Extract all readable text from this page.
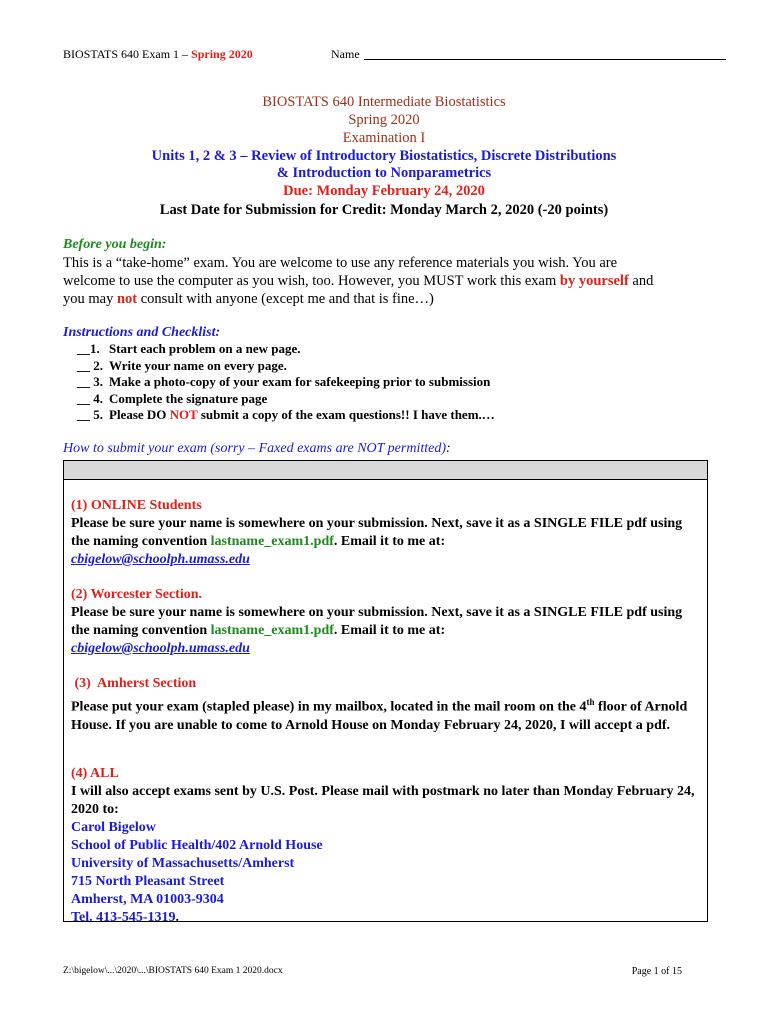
BIOSTATS 640 Exam 1 – Spring 2020	Name
BIOSTATS 640 Intermediate Biostatistics
Spring 2020
Examination I
Units 1, 2 & 3 – Review of Introductory Biostatistics, Discrete Distributions
& Introduction to Nonparametrics
Due: Monday February 24, 2020
Last Date for Submission for Credit: Monday March 2, 2020 (-20 points)
Before you begin:
This is a “take-home” exam. You are welcome to use any reference materials you wish. You are welcome to use the computer as you wish, too. However, you MUST work this exam by yourself and you may not consult with anyone (except me and that is fine…)
Instructions and Checklist:
__1. Start each problem on a new page.
__ 2. Write your name on every page.
__ 3. Make a photo-copy of your exam for safekeeping prior to submission
__ 4. Complete the signature page
__ 5. Please DO NOT submit a copy of the exam questions!! I have them.…
How to submit your exam (sorry – Faxed exams are NOT permitted):
(1) ONLINE Students
Please be sure your name is somewhere on your submission. Next, save it as a SINGLE FILE pdf using the naming convention lastname_exam1.pdf. Email it to me at:
cbigelow@schoolph.umass.edu
(2) Worcester Section.
Please be sure your name is somewhere on your submission. Next, save it as a SINGLE FILE pdf using the naming convention lastname_exam1.pdf. Email it to me at:
cbigelow@schoolph.umass.edu
(3)  Amherst Section
Please put your exam (stapled please) in my mailbox, located in the mail room on the 4th floor of Arnold House. If you are unable to come to Arnold House on Monday February 24, 2020, I will accept a pdf.
(4) ALL
I will also accept exams sent by U.S. Post. Please mail with postmark no later than Monday February 24, 2020 to:
Carol Bigelow
School of Public Health/402 Arnold House
University of Massachusetts/Amherst
715 North Pleasant Street
Amherst, MA 01003-9304
Tel. 413-545-1319.
Z:\bigelow\...\2020\...\BIOSTATS 640 Exam 1 2020.docx	Page 1 of 15
